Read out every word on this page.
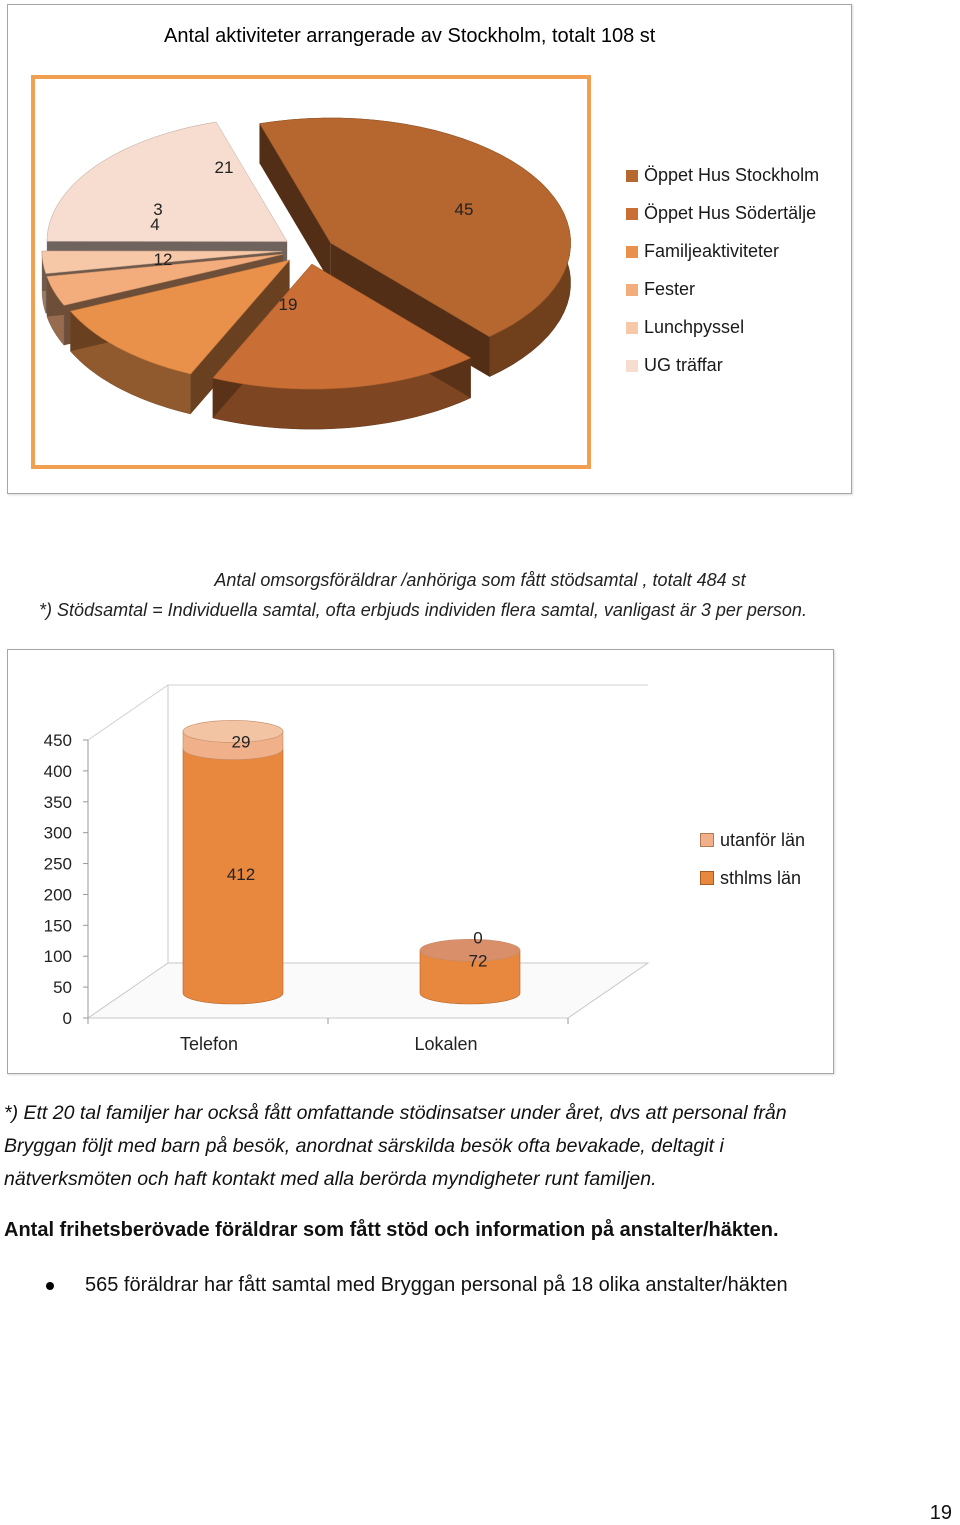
Antal aktiviteter arrangerade av Stockholm, totalt 108 st
45
19
12
4
3
21	Öppet Hus Stockholm
Öppet Hus Södertälje
Familjeaktiviteter
Fester
Lunchpyssel
UG träffar
Antal omsorgsföräldrar /anhöriga som fått stödsamtal , totalt 484 st
*) Stödsamtal = Individuella samtal, ofta erbjuds individen flera samtal, vanligast är 3 per person.
0
50
100
150
200
250
300
350
400
450	29
412
Telefon
0
72
Lokalen
utanför län
sthlms län
*) Ett 20 tal familjer har också fått omfattande stödinsatser under året, dvs att personal från Bryggan följt med barn på besök, anordnat särskilda besök ofta bevakade, deltagit i nätverksmöten och haft kontakt med alla berörda myndigheter runt familjen.
Antal frihetsberövade föräldrar som fått stöd och information på anstalter/häkten.
565 föräldrar har fått samtal med Bryggan personal på 18 olika anstalter/häkten
19
